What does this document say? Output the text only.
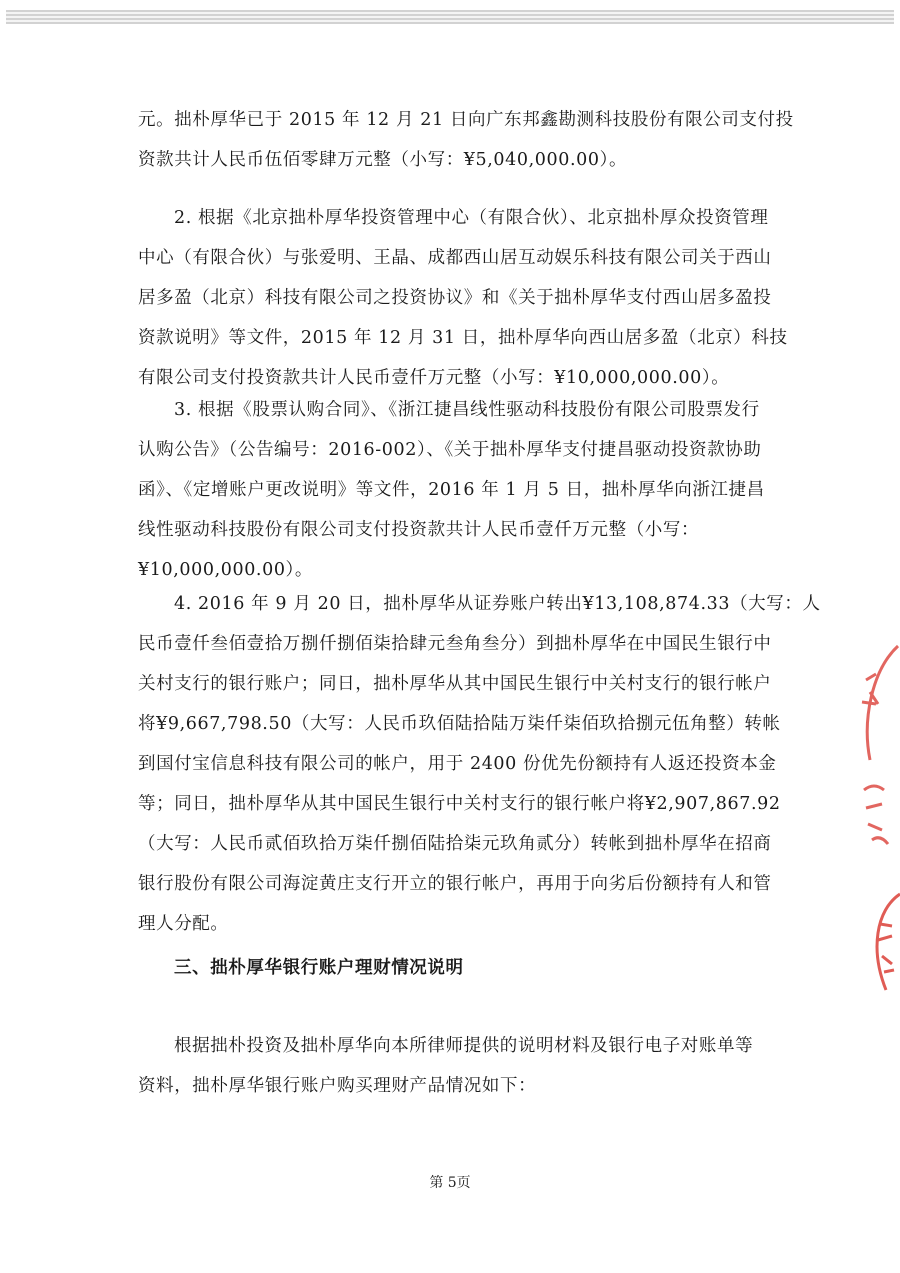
元。拙朴厚华已于 2015 年 12 月 21 日向广东邦鑫勘测科技股份有限公司支付投
资款共计人民币伍佰零肆万元整（小写：¥5,040,000.00）。
2. 根据《北京拙朴厚华投资管理中心（有限合伙）、北京拙朴厚众投资管理
中心（有限合伙）与张爱明、王晶、成都西山居互动娱乐科技有限公司关于西山
居多盈（北京）科技有限公司之投资协议》和《关于拙朴厚华支付西山居多盈投
资款说明》等文件，2015 年 12 月 31 日，拙朴厚华向西山居多盈（北京）科技
有限公司支付投资款共计人民币壹仟万元整（小写：¥10,000,000.00）。
3. 根据《股票认购合同》、《浙江捷昌线性驱动科技股份有限公司股票发行
认购公告》（公告编号：2016-002）、《关于拙朴厚华支付捷昌驱动投资款协助
函》、《定增账户更改说明》等文件，2016 年 1 月 5 日，拙朴厚华向浙江捷昌
线性驱动科技股份有限公司支付投资款共计人民币壹仟万元整（小写：
¥10,000,000.00）。
4. 2016 年 9 月 20 日，拙朴厚华从证券账户转出¥13,108,874.33（大写：人
民币壹仟叁佰壹拾万捌仟捌佰柒拾肆元叁角叁分）到拙朴厚华在中国民生银行中
关村支行的银行账户；同日，拙朴厚华从其中国民生银行中关村支行的银行帐户
将¥9,667,798.50（大写：人民币玖佰陆拾陆万柒仟柒佰玖拾捌元伍角整）转帐
到国付宝信息科技有限公司的帐户，用于 2400 份优先份额持有人返还投资本金
等；同日，拙朴厚华从其中国民生银行中关村支行的银行帐户将¥2,907,867.92
（大写：人民币贰佰玖拾万柒仟捌佰陆拾柒元玖角贰分）转帐到拙朴厚华在招商
银行股份有限公司海淀黄庄支行开立的银行帐户，再用于向劣后份额持有人和管
理人分配。
三、拙朴厚华银行账户理财情况说明
根据拙朴投资及拙朴厚华向本所律师提供的说明材料及银行电子对账单等
资料，拙朴厚华银行账户购买理财产品情况如下：
第 5页
